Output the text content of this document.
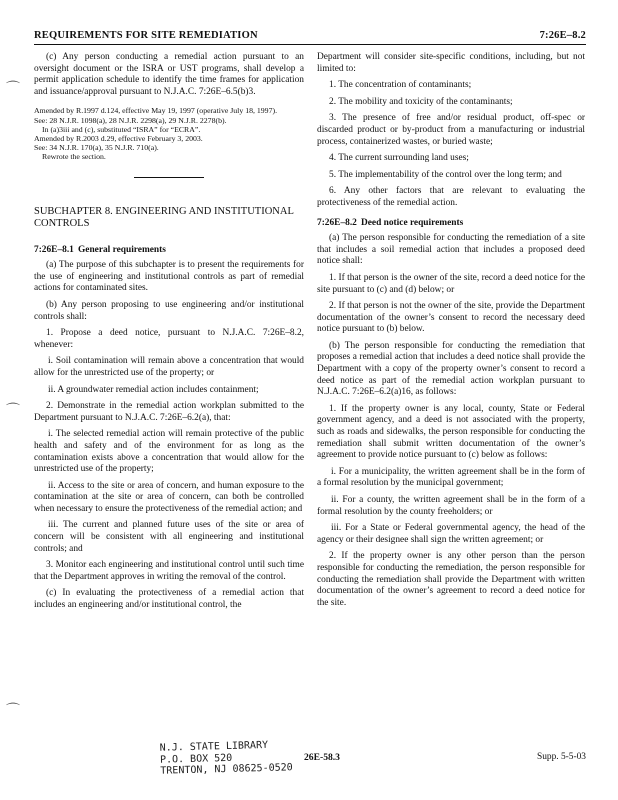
REQUIREMENTS FOR SITE REMEDIATION	7:26E–8.2

(c) Any person conducting a remedial action pursuant to an oversight document or the ISRA or UST programs, shall develop a permit application schedule to identify the time frames for application and issuance/approval pursuant to N.J.A.C. 7:26E–6.5(b)3.

Amended by R.1997 d.124, effective May 19, 1997 (operative July 18, 1997).

See: 28 N.J.R. 1098(a), 28 N.J.R. 2298(a), 29 N.J.R. 2278(b).

In (a)3iii and (c), substituted “ISRA” for “ECRA”.

Amended by R.2003 d.29, effective February 3, 2003.

See: 34 N.J.R. 170(a), 35 N.J.R. 710(a).

Rewrote the section.

SUBCHAPTER 8. ENGINEERING AND INSTITUTIONAL CONTROLS

7:26E–8.1 General requirements

(a) The purpose of this subchapter is to present the requirements for the use of engineering and institutional controls as part of remedial actions for contaminated sites.

(b) Any person proposing to use engineering and/or institutional controls shall:

1. Propose a deed notice, pursuant to N.J.A.C. 7:26E–8.2, whenever:

i. Soil contamination will remain above a concentration that would allow for the unrestricted use of the property; or

ii. A groundwater remedial action includes containment;

2. Demonstrate in the remedial action workplan submitted to the Department pursuant to N.J.A.C. 7:26E–6.2(a), that:

i. The selected remedial action will remain protective of the public health and safety and of the environment for as long as the contamination exists above a concentration that would allow for the unrestricted use of the property;

ii. Access to the site or area of concern, and human exposure to the contamination at the site or area of concern, can both be controlled when necessary to ensure the protectiveness of the remedial action; and

iii. The current and planned future uses of the site or area of concern will be consistent with all engineering and institutional controls; and

3. Monitor each engineering and institutional control until such time that the Department approves in writing the removal of the control.

(c) In evaluating the protectiveness of a remedial action that includes an engineering and/or institutional control, the

Department will consider site-specific conditions, including, but not limited to:

1. The concentration of contaminants;

2. The mobility and toxicity of the contaminants;

3. The presence of free and/or residual product, off-spec or discarded product or by-product from a manufacturing or industrial process, containerized wastes, or buried waste;

4. The current surrounding land uses;

5. The implementability of the control over the long term; and

6. Any other factors that are relevant to evaluating the protectiveness of the remedial action.

7:26E–8.2 Deed notice requirements

(a) The person responsible for conducting the remediation of a site that includes a soil remedial action that includes a proposed deed notice shall:

1. If that person is the owner of the site, record a deed notice for the site pursuant to (c) and (d) below; or

2. If that person is not the owner of the site, provide the Department documentation of the owner’s consent to record the necessary deed notice pursuant to (b) below.

(b) The person responsible for conducting the remediation that proposes a remedial action that includes a deed notice shall provide the Department with a copy of the property owner’s consent to record a deed notice as part of the remedial action workplan pursuant to N.J.A.C. 7:26E–6.2(a)16, as follows:

1. If the property owner is any local, county, State or Federal government agency, and a deed is not associated with the property, such as roads and sidewalks, the person responsible for conducting the remediation shall submit written documentation of the owner’s agreement to provide notice pursuant to (c) below as follows:

i. For a municipality, the written agreement shall be in the form of a formal resolution by the municipal government;

ii. For a county, the written agreement shall be in the form of a formal resolution by the county freeholders; or

iii. For a State or Federal governmental agency, the head of the agency or their designee shall sign the written agreement; or

2. If the property owner is any other person than the person responsible for conducting the remediation, the person responsible for conducting the remediation shall provide the Department with written documentation of the owner’s agreement to record a deed notice for the site.

⌒
⌒
⌒
N.J. STATE LIBRARY
P.O. BOX 520
TRENTON, NJ 08625-0520
26E-58.3	Supp. 5-5-03
